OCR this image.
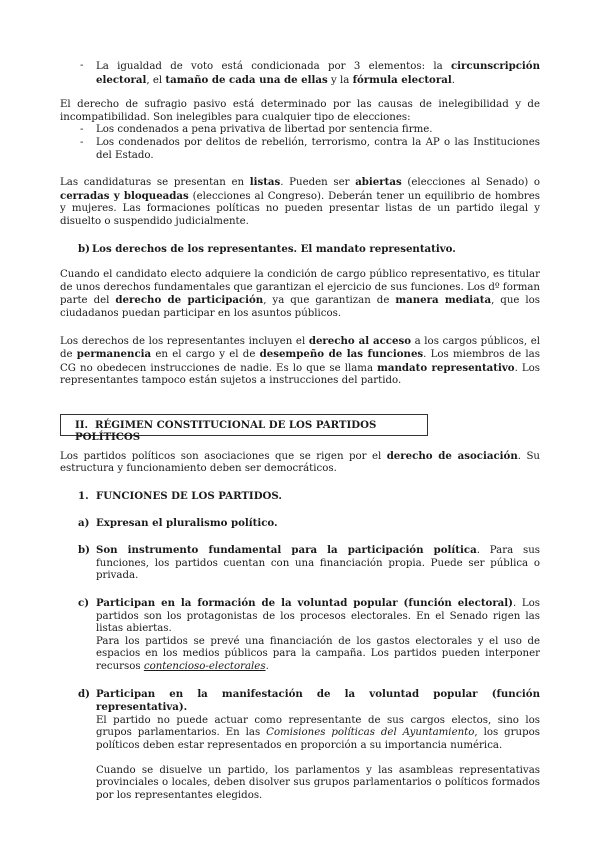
- La igualdad de voto está condicionada por 3 elementos: la circunscripción electoral, el tamaño de cada una de ellas y la fórmula electoral.

El derecho de sufragio pasivo está determinado por las causas de inelegibilidad y de incompatibilidad. Son inelegibles para cualquier tipo de elecciones:

- Los condenados a pena privativa de libertad por sentencia firme.
- Los condenados por delitos de rebelión, terrorismo, contra la AP o las Instituciones del Estado.

Las candidaturas se presentan en listas. Pueden ser abiertas (elecciones al Senado) o cerradas y bloqueadas (elecciones al Congreso). Deberán tener un equilibrio de hombres y mujeres. Las formaciones políticas no pueden presentar listas de un partido ilegal y disuelto o suspendido judicialmente.

b) Los derechos de los representantes. El mandato representativo.

Cuando el candidato electo adquiere la condición de cargo público representativo, es titular de unos derechos fundamentales que garantizan el ejercicio de sus funciones. Los dº forman parte del derecho de participación, ya que garantizan de manera mediata, que los ciudadanos puedan participar en los asuntos públicos.

Los derechos de los representantes incluyen el derecho al acceso a los cargos públicos, el de permanencia en el cargo y el de desempeño de las funciones. Los miembros de las CG no obedecen instrucciones de nadie. Es lo que se llama mandato representativo. Los representantes tampoco están sujetos a instrucciones del partido.

II. RÉGIMEN CONSTITUCIONAL DE LOS PARTIDOS POLÍTICOS

Los partidos políticos son asociaciones que se rigen por el derecho de asociación. Su estructura y funcionamiento deben ser democráticos.

1. FUNCIONES DE LOS PARTIDOS.

a) Expresan el pluralismo político.
b) Son instrumento fundamental para la participación política. Para sus funciones, los partidos cuentan con una financiación propia. Puede ser pública o privada.
c) Participan en la formación de la voluntad popular (función electoral). Los partidos son los protagonistas de los procesos electorales. En el Senado rigen las listas abiertas.
Para los partidos se prevé una financiación de los gastos electorales y el uso de espacios en los medios públicos para la campaña. Los partidos pueden interponer recursos contencioso-electorales.
d) Participan en la manifestación de la voluntad popular (función representativa).
El partido no puede actuar como representante de sus cargos electos, sino los grupos parlamentarios. En las Comisiones políticas del Ayuntamiento, los grupos políticos deben estar representados en proporción a su importancia numérica.
Cuando se disuelve un partido, los parlamentos y las asambleas representativas provinciales o locales, deben disolver sus grupos parlamentarios o políticos formados por los representantes elegidos.
